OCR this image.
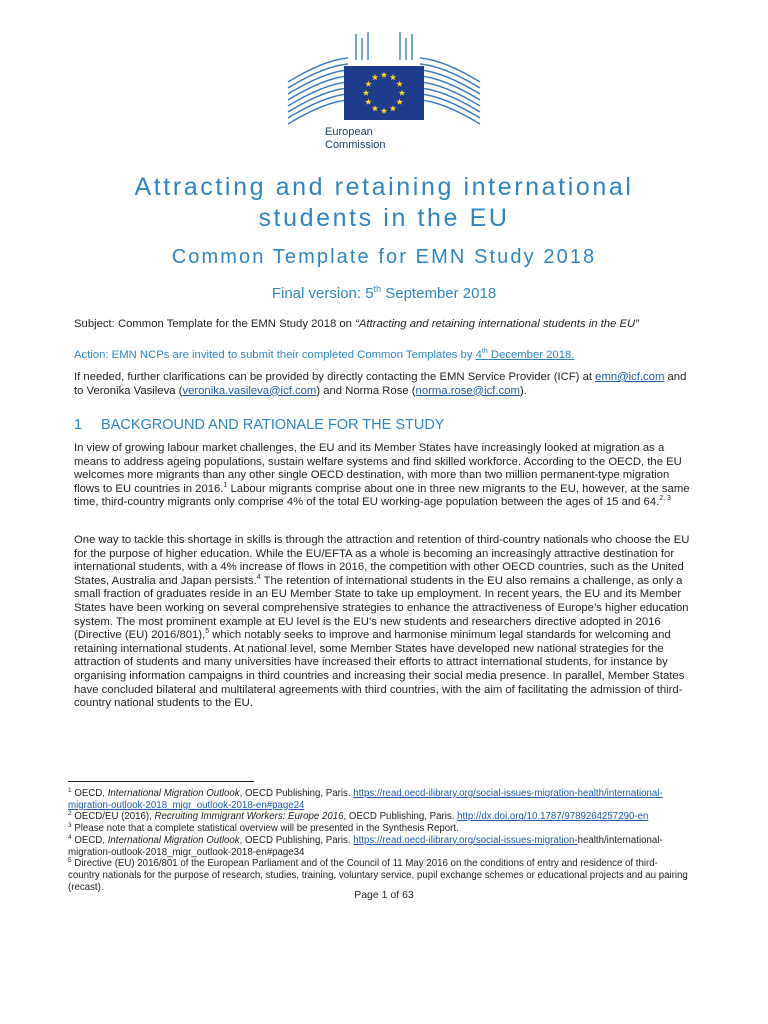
European
Commission
Attracting and retaining international
students in the EU
Common Template for EMN Study 2018
Final version: 5th September 2018

Subject: Common Template for the EMN Study 2018 on “Attracting and retaining international students in the EU”

Action: EMN NCPs are invited to submit their completed Common Templates by 4th December 2018.

If needed, further clarifications can be provided by directly contacting the EMN Service Provider (ICF) at emn@icf.com and to Veronika Vasileva (veronika.vasileva@icf.com) and Norma Rose (norma.rose@icf.com).

1 BACKGROUND AND RATIONALE FOR THE STUDY

In view of growing labour market challenges, the EU and its Member States have increasingly looked at migration as a means to address ageing populations, sustain welfare systems and find skilled workforce. According to the OECD, the EU welcomes more migrants than any other single OECD destination, with more than two million permanent-type migration flows to EU countries in 2016.$^1$ Labour migrants comprise about one in three new migrants to the EU, however, at the same time, third-country migrants only comprise 4% of the total EU working-age population between the ages of 15 and 64.$^{2, 3}$

One way to tackle this shortage in skills is through the attraction and retention of third-country nationals who choose the EU for the purpose of higher education. While the EU/EFTA as a whole is becoming an increasingly attractive destination for international students, with a 4% increase of flows in 2016, the competition with other OECD countries, such as the United States, Australia and Japan persists.$^4$ The retention of international students in the EU also remains a challenge, as only a small fraction of graduates reside in an EU Member State to take up employment. In recent years, the EU and its Member States have been working on several comprehensive strategies to enhance the attractiveness of Europe’s higher education system. The most prominent example at EU level is the EU’s new students and researchers directive adopted in 2016 (Directive (EU) 2016/801),$^5$ which notably seeks to improve and harmonise minimum legal standards for welcoming and retaining international students. At national level, some Member States have developed new national strategies for the attraction of students and many universities have increased their efforts to attract international students, for instance by organising information campaigns in third countries and increasing their social media presence. In parallel, Member States have concluded bilateral and multilateral agreements with third countries, with the aim of facilitating the admission of third-country national students to the EU.

$^1$ OECD, International Migration Outlook, OECD Publishing, Paris. https://read.oecd-ilibrary.org/social-issues-migration-health/international-migration-outlook-2018_migr_outlook-2018-en#page24

$^2$ OECD/EU (2016), Recruiting Immigrant Workers: Europe 2016, OECD Publishing, Paris. http://dx.doi.org/10.1787/9789264257290-en

$^3$ Please note that a complete statistical overview will be presented in the Synthesis Report.

$^4$ OECD, International Migration Outlook, OECD Publishing, Paris. https://read.oecd-ilibrary.org/social-issues-migration-health/international-migration-outlook-2018_migr_outlook-2018-en#page34

$^5$ Directive (EU) 2016/801 of the European Parliament and of the Council of 11 May 2016 on the conditions of entry and residence of third-country nationals for the purpose of research, studies, training, voluntary service, pupil exchange schemes or educational projects and au pairing (recast).

Page 1 of 63
